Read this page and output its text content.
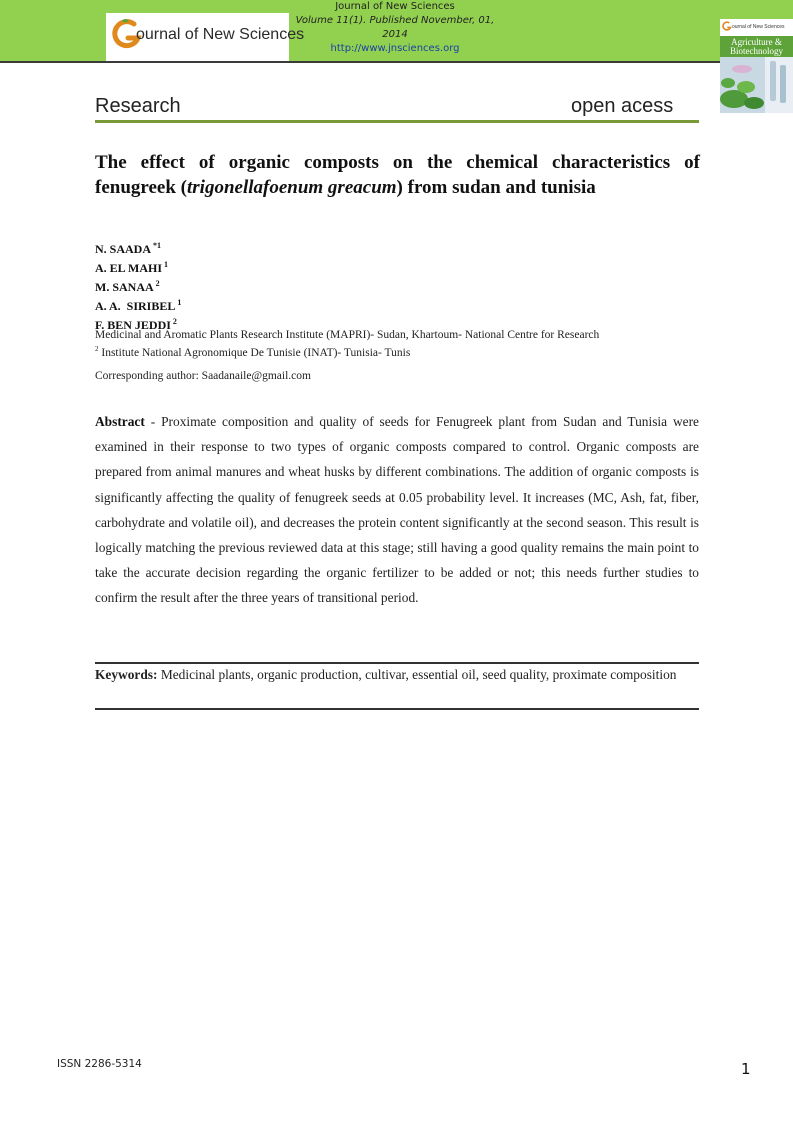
ournal of New Sciences
Journal of New Sciences
Volume 11(1). Published November, 01, 2014
http://www.jnsciences.org
ournal of New Sciences
Agriculture &
Biotechnology
Research	open acess
The effect of organic composts on the chemical characteristics of fenugreek (trigonellafoenum greacum) from sudan and tunisia
N. SAADA $^{*1}$
A. EL MAHI $^1$
M. SANAA $^2$
A. A.  SIRIBEL $^1$
F. BEN JEDDI $^2$
Medicinal and Aromatic Plants Research Institute (MAPRI)- Sudan, Khartoum- National Centre for Research
$^2$ Institute National Agronomique De Tunisie (INAT)- Tunisia- Tunis
Corresponding author: Saadanaile@gmail.com
Abstract - Proximate composition and quality of seeds for Fenugreek plant from Sudan and Tunisia were examined in their response to two types of organic composts compared to control. Organic composts are prepared from animal manures and wheat husks by different combinations. The addition of organic composts is significantly affecting the quality of fenugreek seeds at 0.05 probability level. It increases (MC, Ash, fat, fiber, carbohydrate and volatile oil), and decreases the protein content significantly at the second season. This result is logically matching the previous reviewed data at this stage; still having a good quality remains the main point to take the accurate decision regarding the organic fertilizer to be added or not; this needs further studies to confirm the result after the three years of transitional period.
Keywords: Medicinal plants, organic production, cultivar, essential oil, seed quality, proximate composition
ISSN 2286-5314	1
